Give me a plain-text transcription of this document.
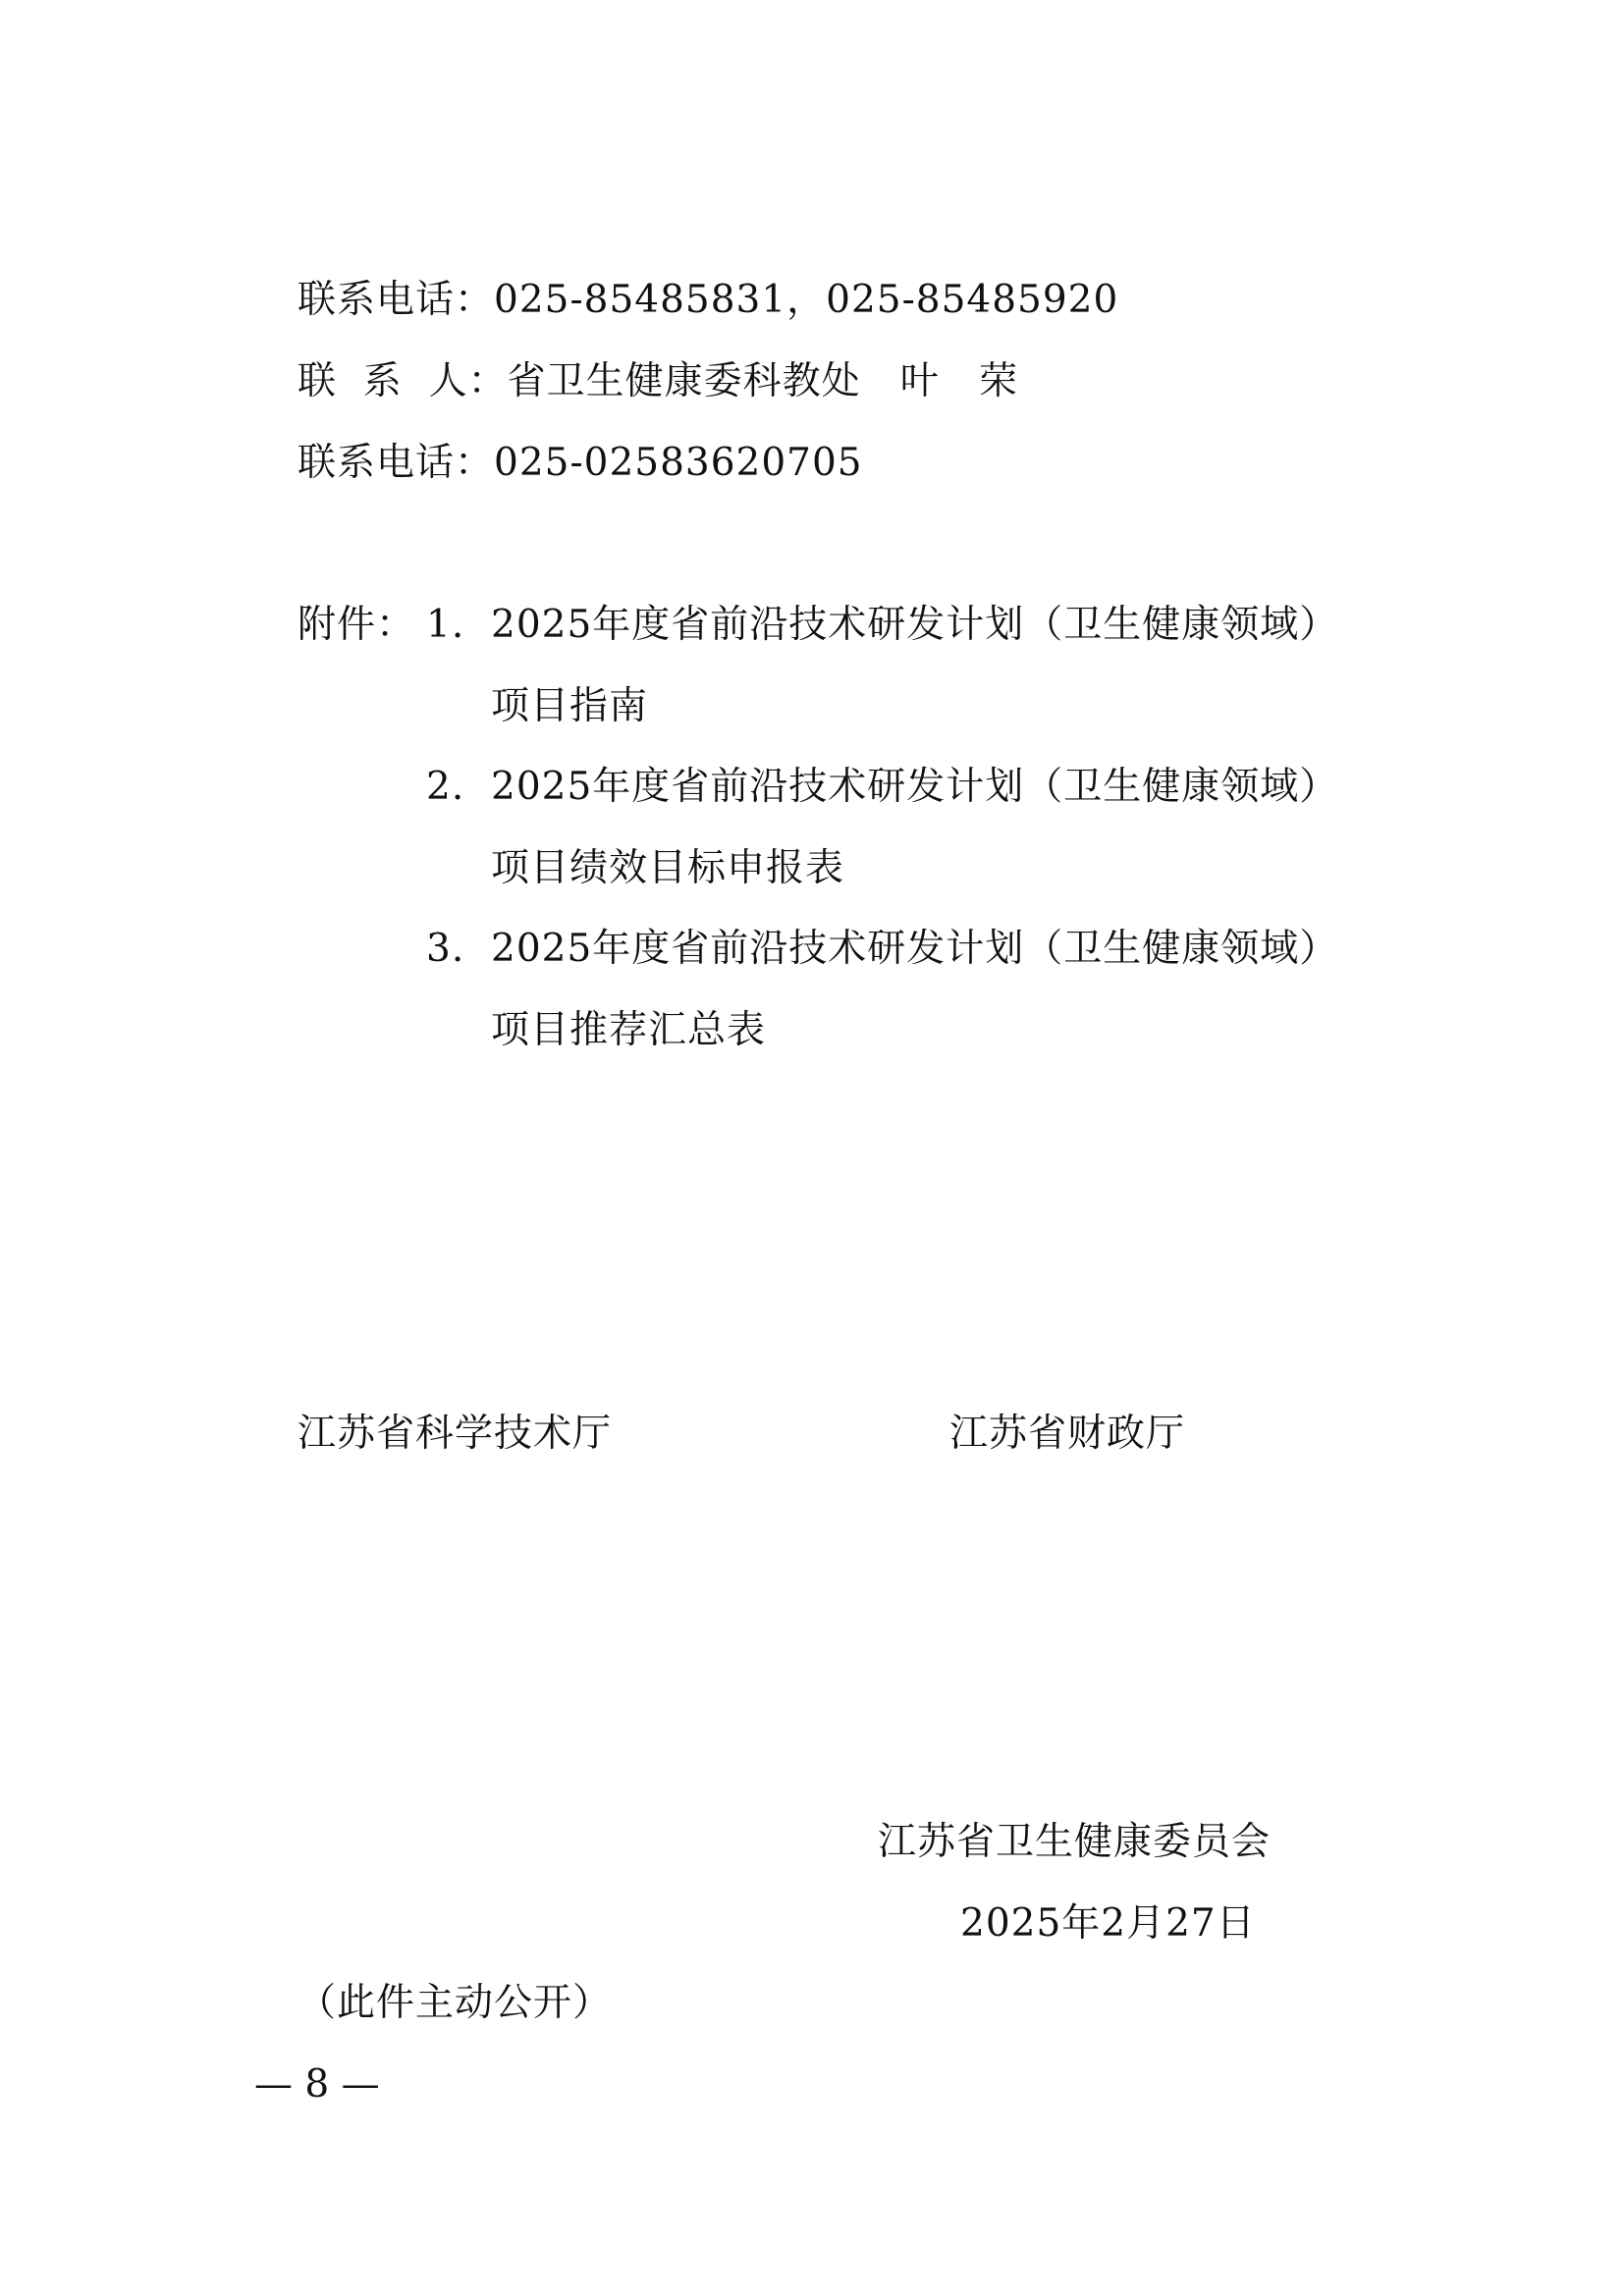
联系电话：025-85485831，025-85485920
联  系  人：省卫生健康委科教处   叶   荣
联系电话：025-02583620705
附件： 1. 2025年度省前沿技术研发计划（卫生健康领域）
项目指南
2. 2025年度省前沿技术研发计划（卫生健康领域）
项目绩效目标申报表
3. 2025年度省前沿技术研发计划（卫生健康领域）
项目推荐汇总表
江苏省科学技术厅	江苏省财政厅
江苏省卫生健康委员会
2025年2月27日
（此件主动公开）
— 8 —
